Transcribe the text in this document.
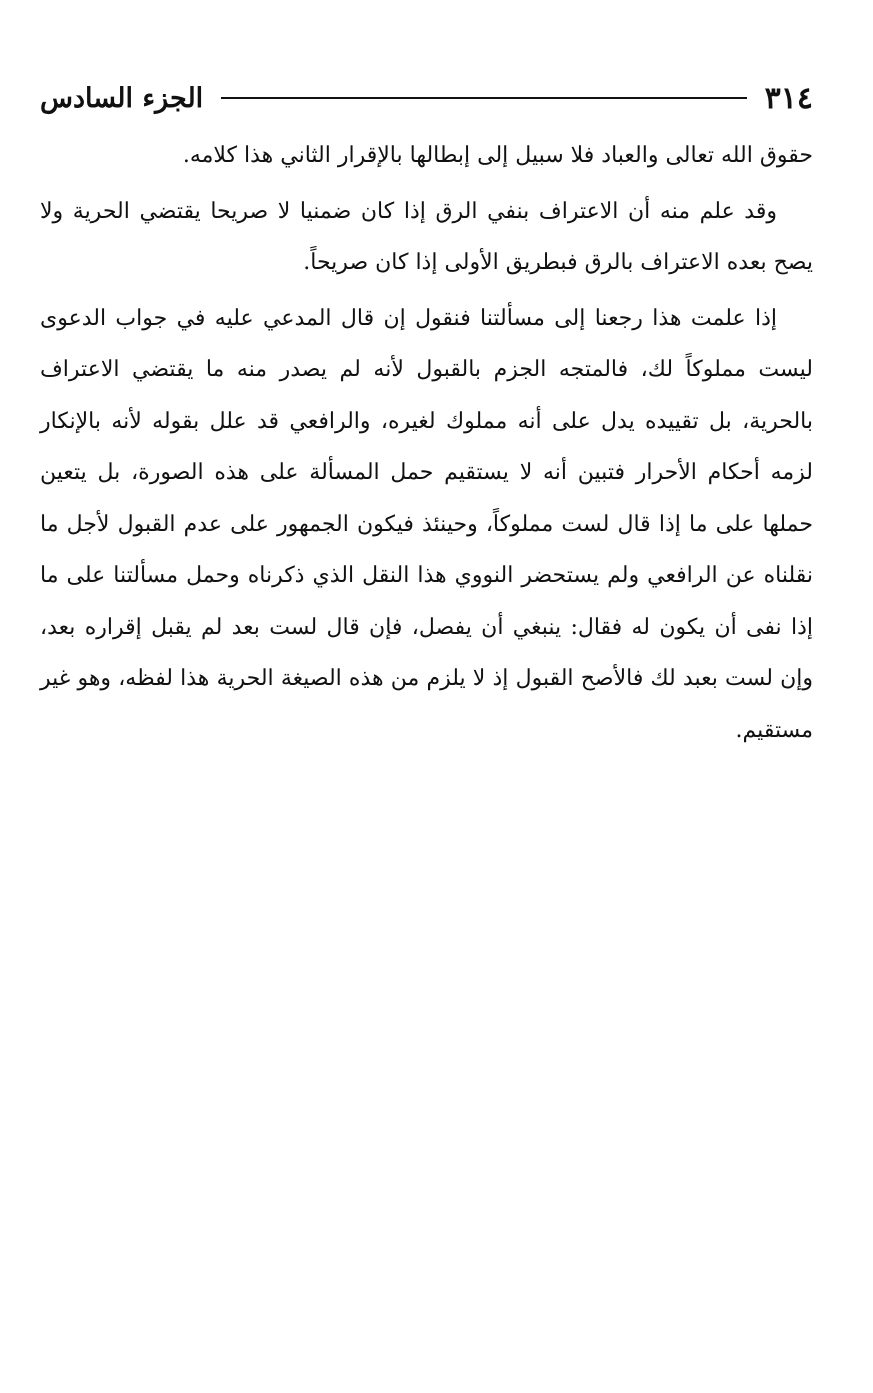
٣١٤
الجزء السادس

حقوق الله تعالى والعباد فلا سبيل إلى إبطالها بالإقرار الثاني هذا كلامه.

وقد علم منه أن الاعتراف بنفي الرق إذا كان ضمنيا لا صريحا يقتضي الحرية ولا يصح بعده الاعتراف بالرق فبطريق الأولى إذا كان صريحاً.

إذا علمت هذا رجعنا إلى مسألتنا فنقول إن قال المدعي عليه في جواب الدعوى ليست مملوكاً لك، فالمتجه الجزم بالقبول لأنه لم يصدر منه ما يقتضي الاعتراف بالحرية، بل تقييده يدل على أنه مملوك لغيره، والرافعي قد علل بقوله لأنه بالإنكار لزمه أحكام الأحرار فتبين أنه لا يستقيم حمل المسألة على هذه الصورة، بل يتعين حملها على ما إذا قال لست مملوكاً، وحينئذ فيكون الجمهور على عدم القبول لأجل ما نقلناه عن الرافعي ولم يستحضر النووي هذا النقل الذي ذكرناه وحمل مسألتنا على ما إذا نفى أن يكون له فقال: ينبغي أن يفصل، فإن قال لست بعد لم يقبل إقراره بعد، وإن لست بعبد لك فالأصح القبول إذ لا يلزم من هذه الصيغة الحرية هذا لفظه، وهو غير مستقيم.
